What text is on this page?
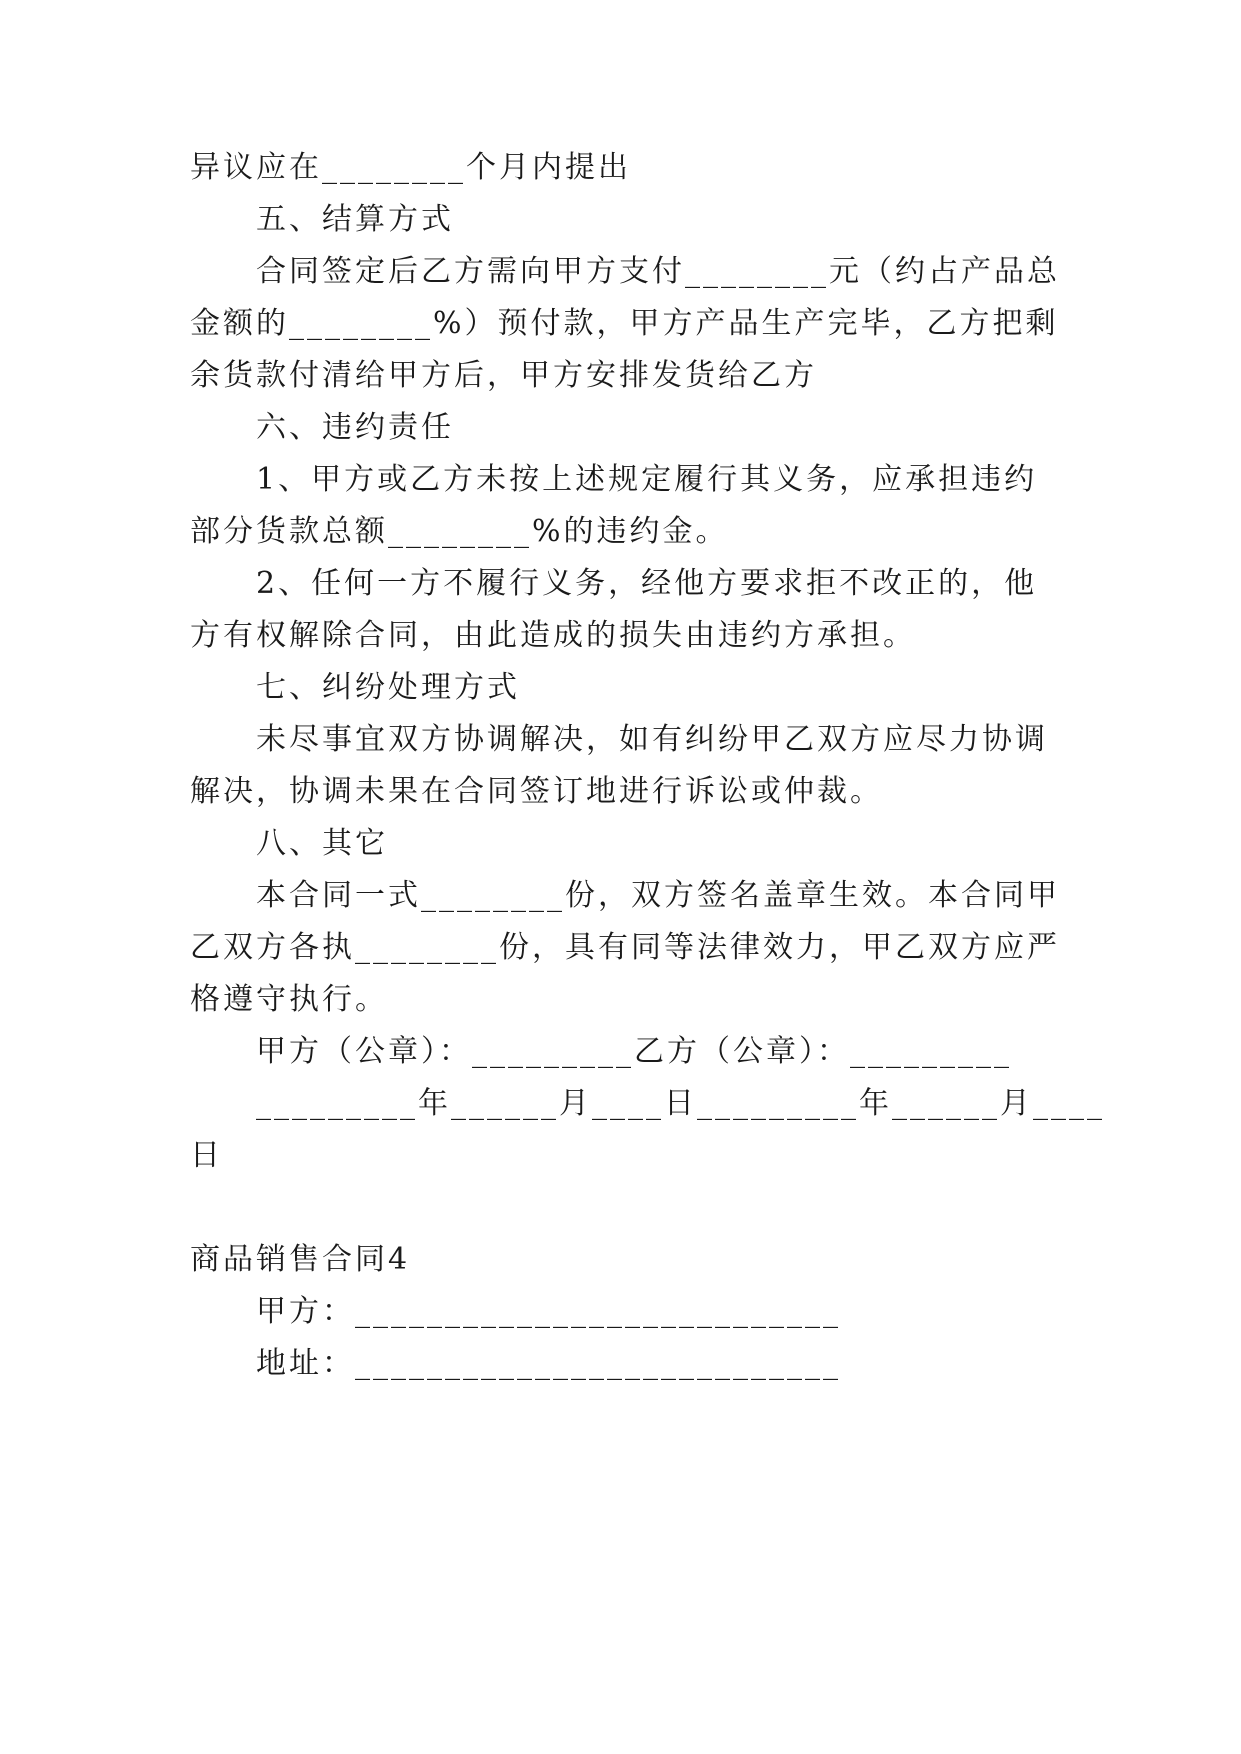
异议应在________个月内提出

五、结算方式

合同签定后乙方需向甲方支付________元（约占产品总

金额的________%）预付款，甲方产品生产完毕，乙方把剩

余货款付清给甲方后，甲方安排发货给乙方

六、违约责任

1、甲方或乙方未按上述规定履行其义务，应承担违约

部分货款总额________%的违约金。

2、任何一方不履行义务，经他方要求拒不改正的，他

方有权解除合同，由此造成的损失由违约方承担。

七、纠纷处理方式

未尽事宜双方协调解决，如有纠纷甲乙双方应尽力协调

解决，协调未果在合同签订地进行诉讼或仲裁。

八、其它

本合同一式________份，双方签名盖章生效。本合同甲

乙双方各执________份，具有同等法律效力，甲乙双方应严

格遵守执行。

甲方（公章）：_________乙方（公章）：_________

_________年______月____日_________年______月____

日

商品销售合同4

甲方：___________________________

地址：___________________________
